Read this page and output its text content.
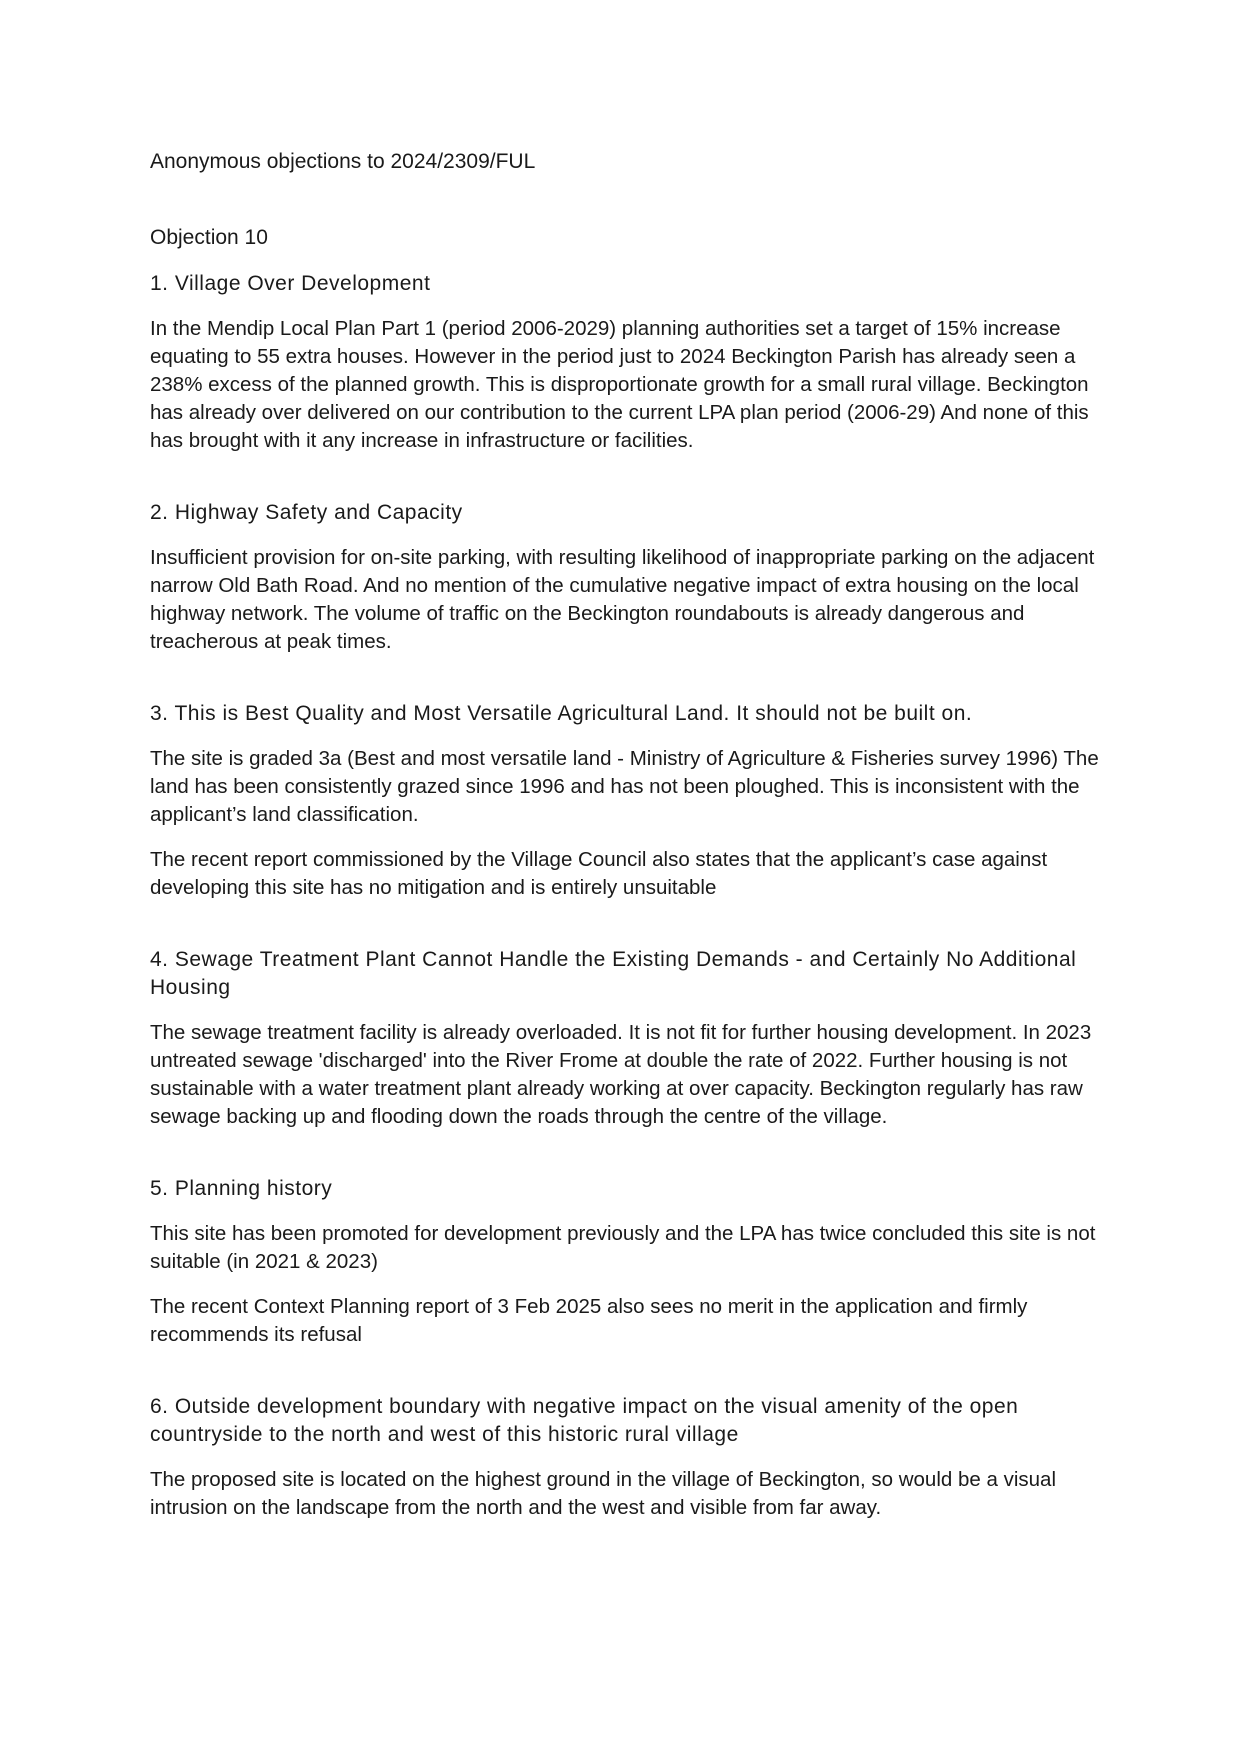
Anonymous objections to 2024/2309/FUL
Objection 10
1. Village Over Development
In the Mendip Local Plan Part 1 (period 2006-2029) planning authorities set a target of 15% increase equating to 55 extra houses. However in the period just to 2024 Beckington Parish has already seen a 238% excess of the planned growth. This is disproportionate growth for a small rural village. Beckington has already over delivered on our contribution to the current LPA plan period (2006-29) And none of this has brought with it any increase in infrastructure or facilities.
2. Highway Safety and Capacity
Insufficient provision for on-site parking, with resulting likelihood of inappropriate parking on the adjacent narrow Old Bath Road. And no mention of the cumulative negative impact of extra housing on the local highway network. The volume of traffic on the Beckington roundabouts is already dangerous and treacherous at peak times.
3. This is Best Quality and Most Versatile Agricultural Land. It should not be built on.
The site is graded 3a (Best and most versatile land - Ministry of Agriculture & Fisheries survey 1996) The land has been consistently grazed since 1996 and has not been ploughed. This is inconsistent with the applicant’s land classification.
The recent report commissioned by the Village Council also states that the applicant’s case against developing this site has no mitigation and is entirely unsuitable
4. Sewage Treatment Plant Cannot Handle the Existing Demands - and Certainly No Additional Housing
The sewage treatment facility is already overloaded. It is not fit for further housing development. In 2023 untreated sewage 'discharged' into the River Frome at double the rate of 2022. Further housing is not sustainable with a water treatment plant already working at over capacity. Beckington regularly has raw sewage backing up and flooding down the roads through the centre of the village.
5. Planning history
This site has been promoted for development previously and the LPA has twice concluded this site is not suitable (in 2021 & 2023)
The recent Context Planning report of 3 Feb 2025 also sees no merit in the application and firmly recommends its refusal
6. Outside development boundary with negative impact on the visual amenity of the open countryside to the north and west of this historic rural village
The proposed site is located on the highest ground in the village of Beckington, so would be a visual intrusion on the landscape from the north and the west and visible from far away.
